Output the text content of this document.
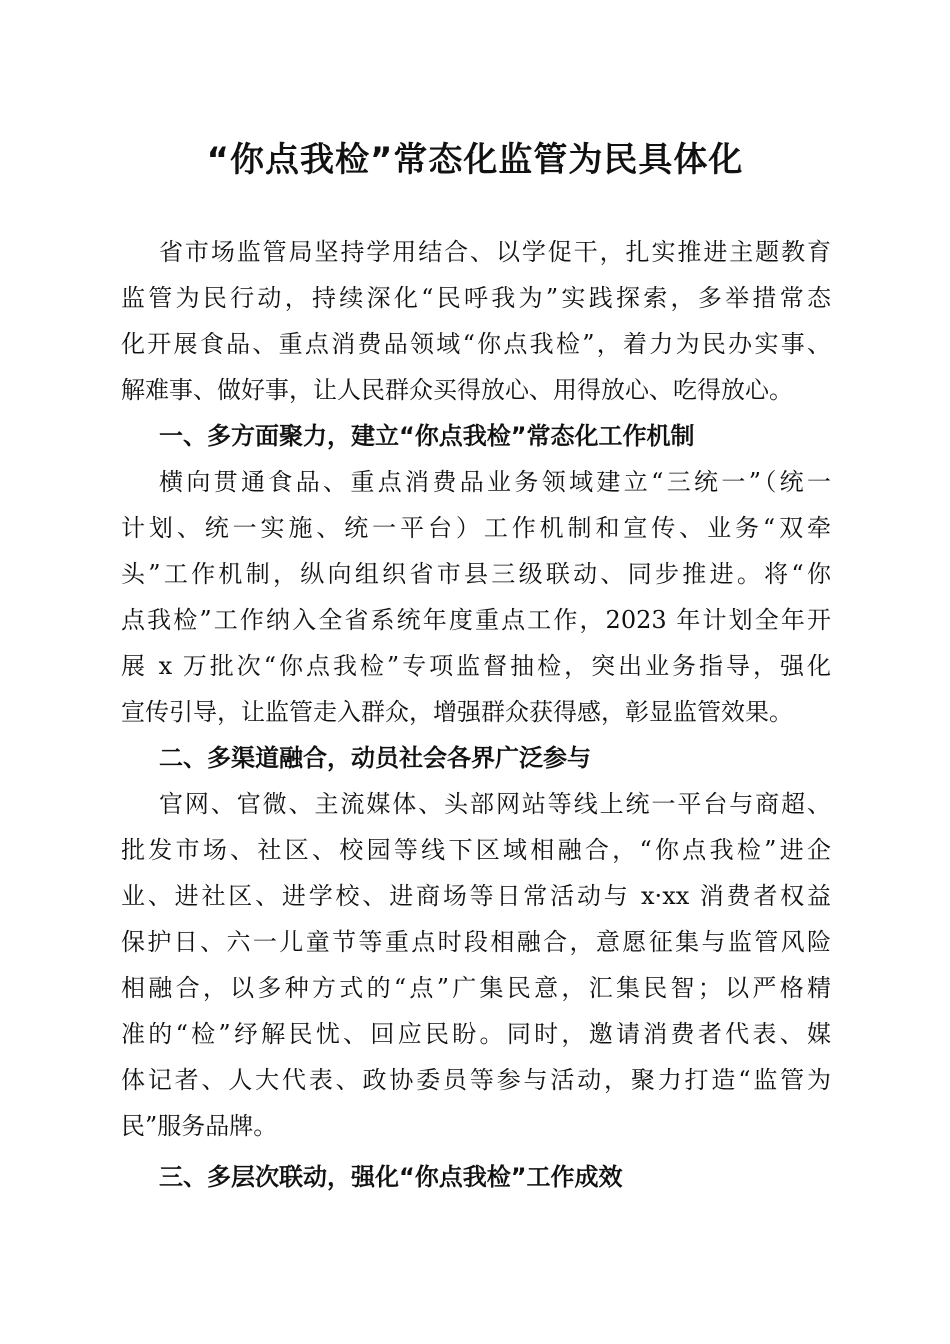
“你点我检”常态化监管为民具体化

省市场监管局坚持学用结合、以学促干，扎实推进主题教育

监管为民行动，持续深化“民呼我为”实践探索，多举措常态

化开展食品、重点消费品领域“你点我检”，着力为民办实事、

解难事、做好事，让人民群众买得放心、用得放心、吃得放心。

一、多方面聚力，建立“你点我检”常态化工作机制

横向贯通食品、重点消费品业务领域建立“三统一”（统一

计划、统一实施、统一平台）工作机制和宣传、业务“双牵

头”工作机制，纵向组织省市县三级联动、同步推进。将“你

点我检”工作纳入全省系统年度重点工作，2023 年计划全年开

展 x 万批次“你点我检”专项监督抽检，突出业务指导，强化

宣传引导，让监管走入群众，增强群众获得感，彰显监管效果。

二、多渠道融合，动员社会各界广泛参与

官网、官微、主流媒体、头部网站等线上统一平台与商超、

批发市场、社区、校园等线下区域相融合，“你点我检”进企

业、进社区、进学校、进商场等日常活动与 x·xx 消费者权益

保护日、六一儿童节等重点时段相融合，意愿征集与监管风险

相融合，以多种方式的“点”广集民意，汇集民智；以严格精

准的“检”纾解民忧、回应民盼。同时，邀请消费者代表、媒

体记者、人大代表、政协委员等参与活动，聚力打造“监管为

民”服务品牌。

三、多层次联动，强化“你点我检”工作成效
